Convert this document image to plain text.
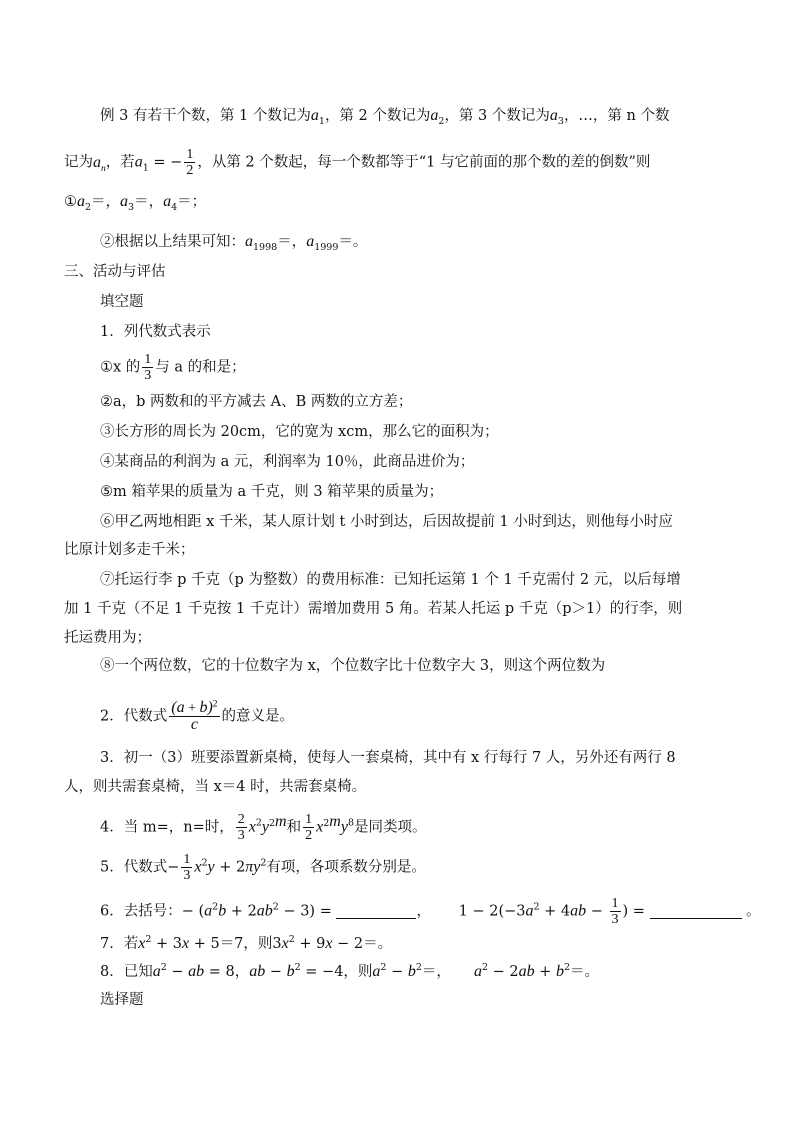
例 3 有若干个数，第 1 个数记为$a_1$，第 2 个数记为$a_2$，第 3 个数记为$a_3$，…，第 n 个数
记为$a_n$，若$a_1$ = − $\frac{1}{2}$ ，从第 2 个数起，每一个数都等于“1 与它前面的那个数的差的倒数”则
$①a_2=$，$a_3=$，$a_4=$；
②根据以上结果可知：$a_{1998}=$，$a_{1999}=$。
三、活动与评估
填空题
1．列代数式表示
①x 的 $\frac{1}{3}$ 与 a 的和是；
②a，b 两数和的平方减去 A、B 两数的立方差；
③长方形的周长为 20cm，它的宽为 xcm，那么它的面积为；
④某商品的利润为 a 元，利润率为 10％，此商品进价为；
⑤m 箱苹果的质量为 a 千克，则 3 箱苹果的质量为；
⑥甲乙两地相距 x 千米，某人原计划 t 小时到达，后因故提前 1 小时到达，则他每小时应
比原计划多走千米；
⑦托运行李 p 千克（p 为整数）的费用标准：已知托运第 1 个 1 千克需付 2 元，以后每增
加 1 千克（不足 1 千克按 1 千克计）需增加费用 5 角。若某人托运 p 千克（p＞1）的行李，则
托运费用为；
⑧一个两位数，它的十位数字为 x，个位数字比十位数字大 3，则这个两位数为
2．代数式 $\frac{(a + b)^2}{c}$ 的意义是。
3．初一（3）班要添置新桌椅，使每人一套桌椅，其中有 x 行每行 7 人，另外还有两行 8
人，则共需套桌椅，当 x＝4 时，共需套桌椅。
4．当 m=，n=时， $\frac{2}{3} x^2y^{2m}$和 $\frac{1}{2} x^{2m}y^8$是同类项。
5．代数式− $\frac{1}{3} x^2y + 2\pi y^2$有项，各项系数分别是。
6．去括号：− $(a^2b + 2ab^2 - 3)$ =	，      $1 - 2(-3a^2 + 4ab - \frac{1}{3}$ ) =	。
7．若$x^2 + 3x + 5=7$，则$3x^2 + 9x - 2=$。
8．已知$a^2$ − ab = 8，ab − $b^2 = -4$，则$a^2 - b^2=$， $a^2 - 2ab + b^2=$。
选择题
